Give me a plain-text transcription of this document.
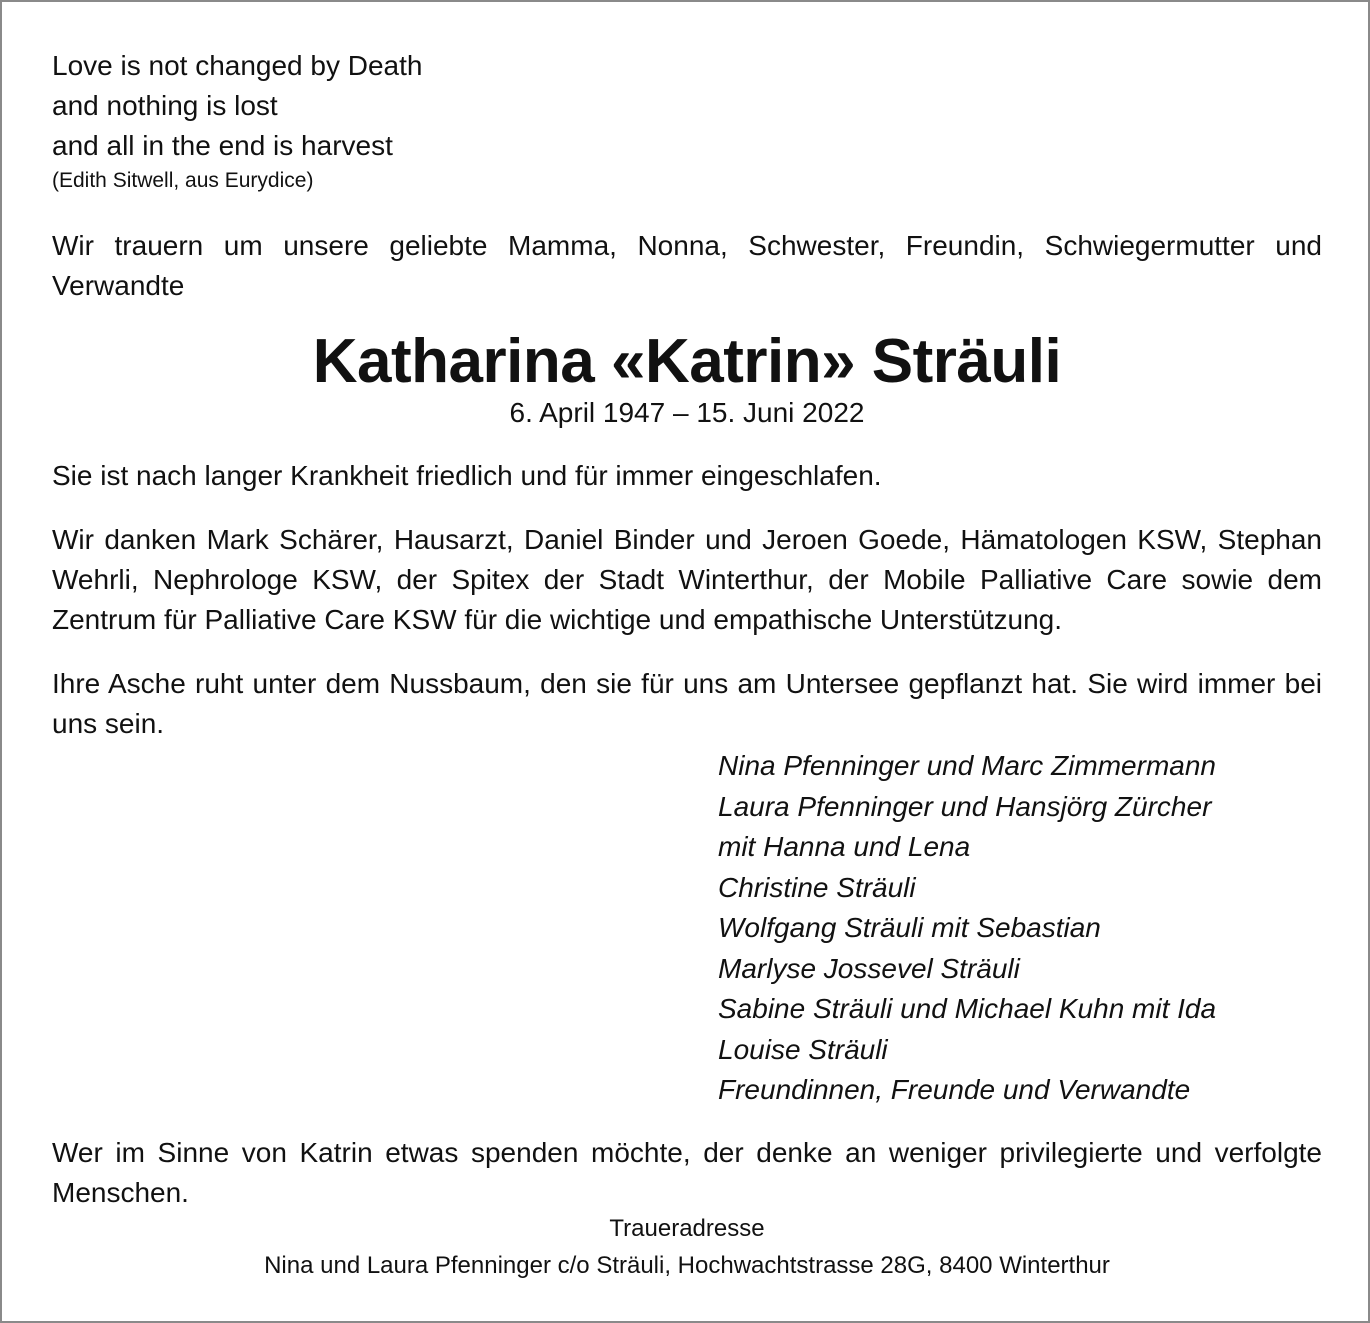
Love is not changed by Death
and nothing is lost
and all in the end is harvest
(Edith Sitwell, aus Eurydice)

Wir trauern um unsere geliebte Mamma, Nonna, Schwester, Freundin, Schwiegermutter und Verwandte

Katharina «Katrin» Sträuli
6. April 1947 – 15. Juni 2022

Sie ist nach langer Krankheit friedlich und für immer eingeschlafen.

Wir danken Mark Schärer, Hausarzt, Daniel Binder und Jeroen Goede, Hämatologen KSW, Stephan Wehrli, Nephrologe KSW, der Spitex der Stadt Winterthur, der Mobile Palliative Care sowie dem Zentrum für Palliative Care KSW für die wichtige und empathische Unterstützung.

Ihre Asche ruht unter dem Nussbaum, den sie für uns am Untersee gepflanzt hat. Sie wird immer bei uns sein.

Nina Pfenninger und Marc Zimmermann
Laura Pfenninger und Hansjörg Zürcher
mit Hanna und Lena
Christine Sträuli
Wolfgang Sträuli mit Sebastian
Marlyse Jossevel Sträuli
Sabine Sträuli und Michael Kuhn mit Ida
Louise Sträuli
Freundinnen, Freunde und Verwandte

Wer im Sinne von Katrin etwas spenden möchte, der denke an weniger privilegierte und verfolgte Menschen.

Traueradresse
Nina und Laura Pfenninger c/o Sträuli, Hochwachtstrasse 28G, 8400 Winterthur
